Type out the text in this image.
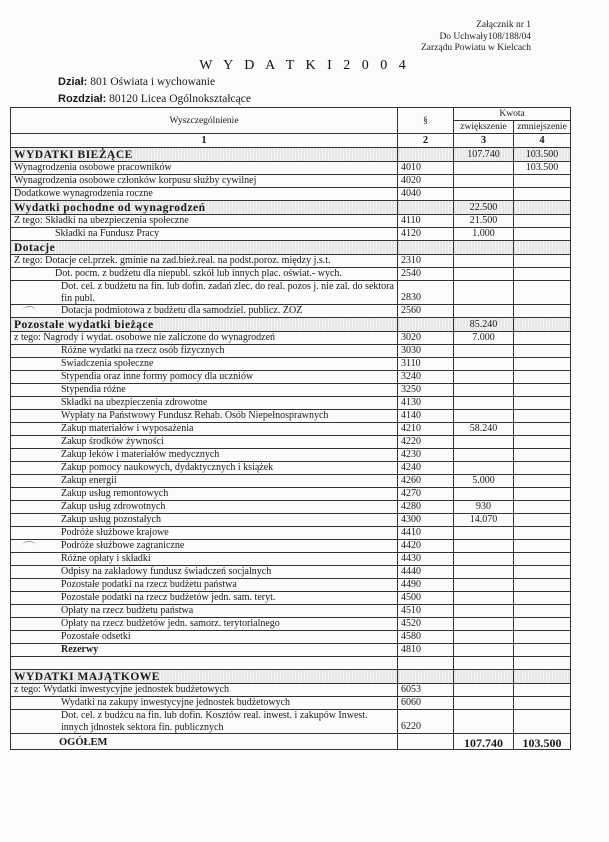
Załącznik nr 1
Do Uchwały108/188/04
Zarządu Powiatu w Kielcach
W Y D A T K I 2 0 0 4
Dział: 801 Oświata i wychowanie
Rozdział: 80120 Licea Ogólnokształcące
Wyszczególnienie	§	Kwota	
		zwiększenie	zmniejszenie
1	2	3	4
WYDATKI BIEŻĄCE		107.740	103.500
Wynagrodzenia osobowe pracowników	4010		103.500
Wynagrodzenia osobowe członków korpusu służby cywilnej	4020		
Dodatkowe wynagrodzenia roczne	4040		
Wydatki pochodne od wynagrodzeń		22.500	
Z tego: Składki na ubezpieczenia społeczne	4110	21.500	
Składki na Fundusz Pracy	4120	1.000	
Dotacje			
Z tego: Dotacje cel.przek. gminie na zad.bież.real. na podst.poroz. między j.s.t.	2310		
Dot. pocm. z budżetu dla niepubl. szkół lub innych plac. oświat.- wych.	2540		
Dot. cel. z budżetu na fin. lub dofin. zadań zlec. do real. pozos j. nie zal. do sektora fin publ.	2830		
Dotacja podmiotowa z budżetu dla samodziel. publicz. ZOZ	2560		
Pozostałe wydatki bieżące		85.240	
z tego: Nagrody i wydat. osobowe nie zaliczone do wynagrodzeń	3020	7.000	
Różne wydatki na rzecz osób fizycznych	3030		
Świadczenia społeczne	3110		
Stypendia oraz inne formy pomocy dla uczniów	3240		
Stypendia różne	3250		
Składki na ubezpieczenia zdrowotne	4130		
Wypłaty na Państwowy Fundusz Rehab. Osób Niepełnosprawnych	4140		
Zakup materiałów i wyposażenia	4210	58.240	
Zakup środków żywności	4220		
Zakup leków i materiałów medycznych	4230		
Zakup pomocy naukowych, dydaktycznych i książek	4240		
Zakup energii	4260	5.000	
Zakup usług remontowych	4270		
Zakup usług zdrowotnych	4280	930	
Zakup usług pozostałych	4300	14.070	
Podróże służbowe krajowe	4410		
Podróże służbowe zagraniczne	4420		
Różne opłaty i składki	4430		
Odpisy na zakładowy fundusz świadczeń socjalnych	4440		
Pozostałe podatki na rzecz budżetu państwa	4490		
Pozostałe podatki na rzecz budżetów jedn. sam. teryt.	4500		
Opłaty na rzecz budżetu państwa	4510		
Opłaty na rzecz budżetów jedn. samorz. terytorialnego	4520		
Pozostałe odsetki	4580		
Rezerwy	4810		

WYDATKI MAJĄTKOWE			
z tego: Wydatki inwestycyjne jednostek budżetowych	6053		
Wydatki na zakupy inwestycyjne jednostek budżetowych	6060		
Dot. cel. z budżcu na fin. lub dofin. Kosztów real. inwest. i zakupów Inwest. innych jdnostek sektora fin. publicznych	6220		
OGÓŁEM		107.740	103.500
